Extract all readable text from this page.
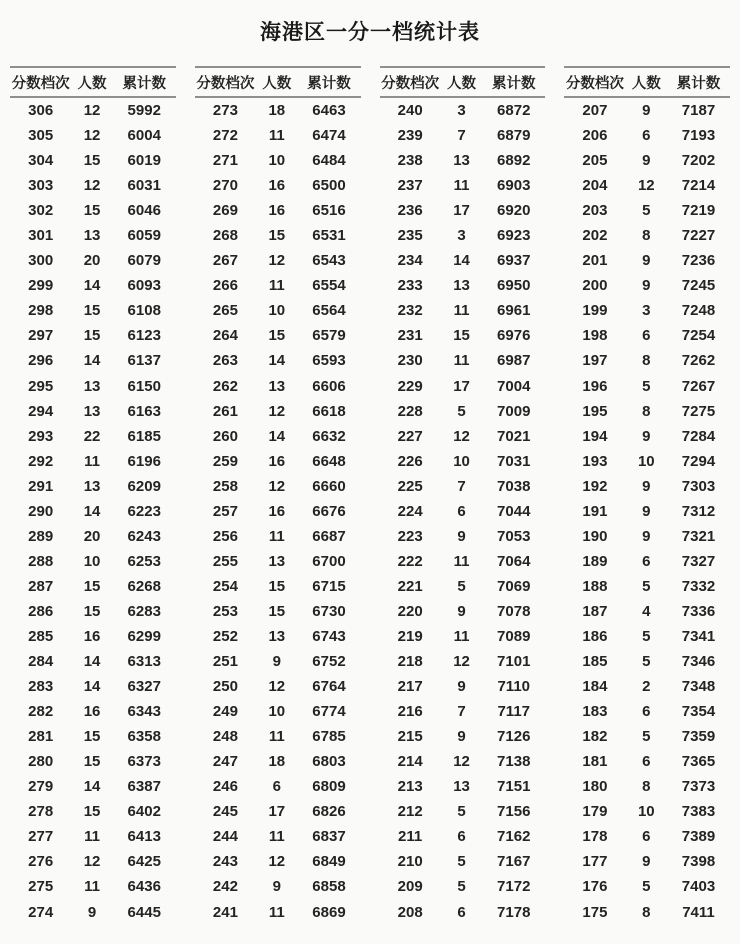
海港区一分一档统计表
分数档次 人数	累计数
306	12	5992
305	12	6004
304	15	6019
303	12	6031
302	15	6046
301	13	6059
300	20	6079
299	14	6093
298	15	6108
297	15	6123
296	14	6137
295	13	6150
294	13	6163
293	22	6185
292	11	6196
291	13	6209
290	14	6223
289	20	6243
288	10	6253
287	15	6268
286	15	6283
285	16	6299
284	14	6313
283	14	6327
282	16	6343
281	15	6358
280	15	6373
279	14	6387
278	15	6402
277	11	6413
276	12	6425
275	11	6436
274	9	6445
分数档次 人数	累计数
273	18	6463
272	11	6474
271	10	6484
270	16	6500
269	16	6516
268	15	6531
267	12	6543
266	11	6554
265	10	6564
264	15	6579
263	14	6593
262	13	6606
261	12	6618
260	14	6632
259	16	6648
258	12	6660
257	16	6676
256	11	6687
255	13	6700
254	15	6715
253	15	6730
252	13	6743
251	9	6752
250	12	6764
249	10	6774
248	11	6785
247	18	6803
246	6	6809
245	17	6826
244	11	6837
243	12	6849
242	9	6858
241	11	6869
分数档次 人数	累计数
240	3	6872
239	7	6879
238	13	6892
237	11	6903
236	17	6920
235	3	6923
234	14	6937
233	13	6950
232	11	6961
231	15	6976
230	11	6987
229	17	7004
228	5	7009
227	12	7021
226	10	7031
225	7	7038
224	6	7044
223	9	7053
222	11	7064
221	5	7069
220	9	7078
219	11	7089
218	12	7101
217	9	7110
216	7	7117
215	9	7126
214	12	7138
213	13	7151
212	5	7156
211	6	7162
210	5	7167
209	5	7172
208	6	7178
分数档次 人数	累计数
207	9	7187
206	6	7193
205	9	7202
204	12	7214
203	5	7219
202	8	7227
201	9	7236
200	9	7245
199	3	7248
198	6	7254
197	8	7262
196	5	7267
195	8	7275
194	9	7284
193	10	7294
192	9	7303
191	9	7312
190	9	7321
189	6	7327
188	5	7332
187	4	7336
186	5	7341
185	5	7346
184	2	7348
183	6	7354
182	5	7359
181	6	7365
180	8	7373
179	10	7383
178	6	7389
177	9	7398
176	5	7403
175	8	7411
